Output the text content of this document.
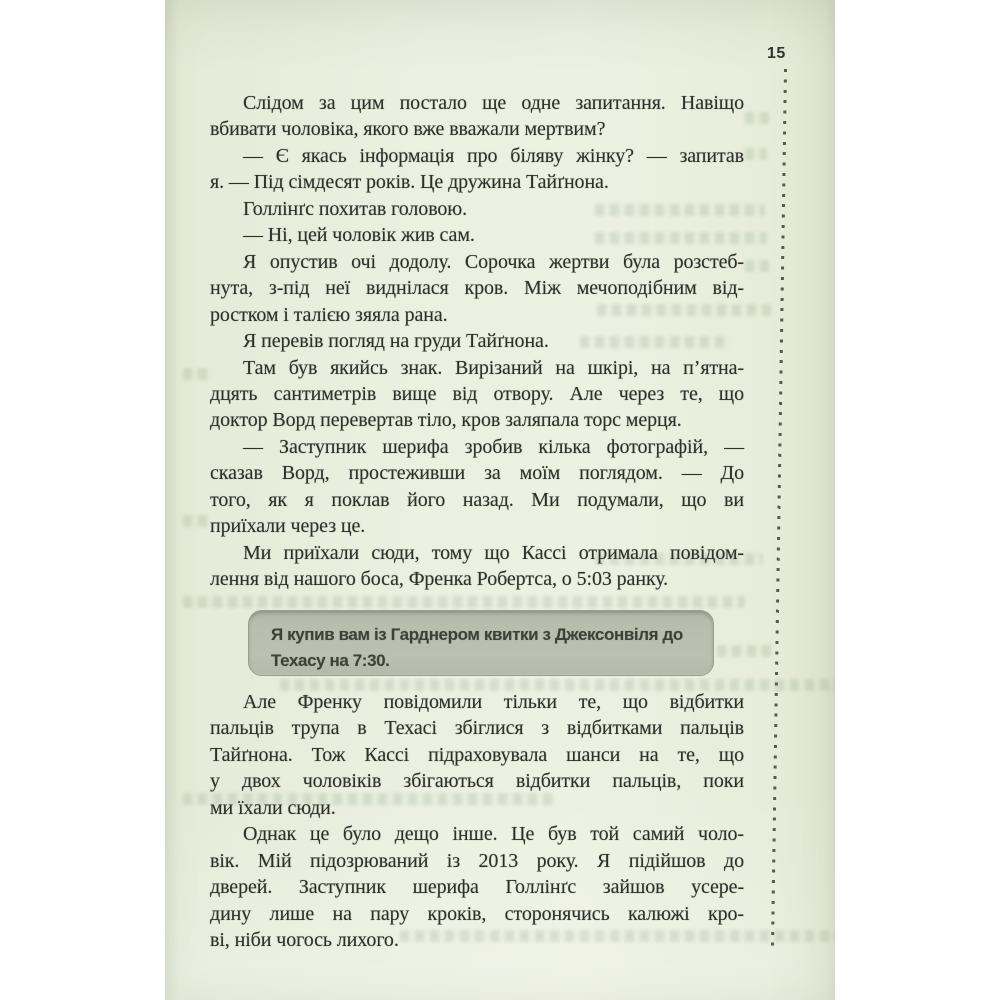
15
Слідом за цим постало ще одне запитання. Навіщо
вбивати чоловіка, якого вже вважали мертвим?
— Є якась інформація про біляву жінку? — запитав
я. — Під сімдесят років. Це дружина Тайґнона.
Голлінґс похитав головою.
— Ні, цей чоловік жив сам.
Я опустив очі додолу. Сорочка жертви була розстеб-
нута, з-під неї виднілася кров. Між мечоподібним від-
ростком і талією зяяла рана.
Я перевів погляд на груди Тайґнона.
Там був якийсь знак. Вирізаний на шкірі, на п’ятна-
дцять сантиметрів вище від отвору. Але через те, що
доктор Ворд перевертав тіло, кров заляпала торс мерця.
— Заступник шерифа зробив кілька фотографій, —
сказав Ворд, простеживши за моїм поглядом. — До
того, як я поклав його назад. Ми подумали, що ви
приїхали через це.
Ми приїхали сюди, тому що Кассі отримала повідом-
лення від нашого боса, Френка Робертса, о 5:03 ранку.
Я купив вам із Гарднером квитки з Джексонвіля до
Техасу на 7:30.
Але Френку повідомили тільки те, що відбитки
пальців трупа в Техасі збіглися з відбитками пальців
Тайґнона. Тож Кассі підраховувала шанси на те, що
у двох чоловіків збігаються відбитки пальців, поки
ми їхали сюди.
Однак це було дещо інше. Це був той самий чоло-
вік. Мій підозрюваний із 2013 року. Я підійшов до
дверей. Заступник шерифа Голлінґс зайшов усере-
дину лише на пару кроків, сторонячись калюжі кро-
ві, ніби чогось лихого.
